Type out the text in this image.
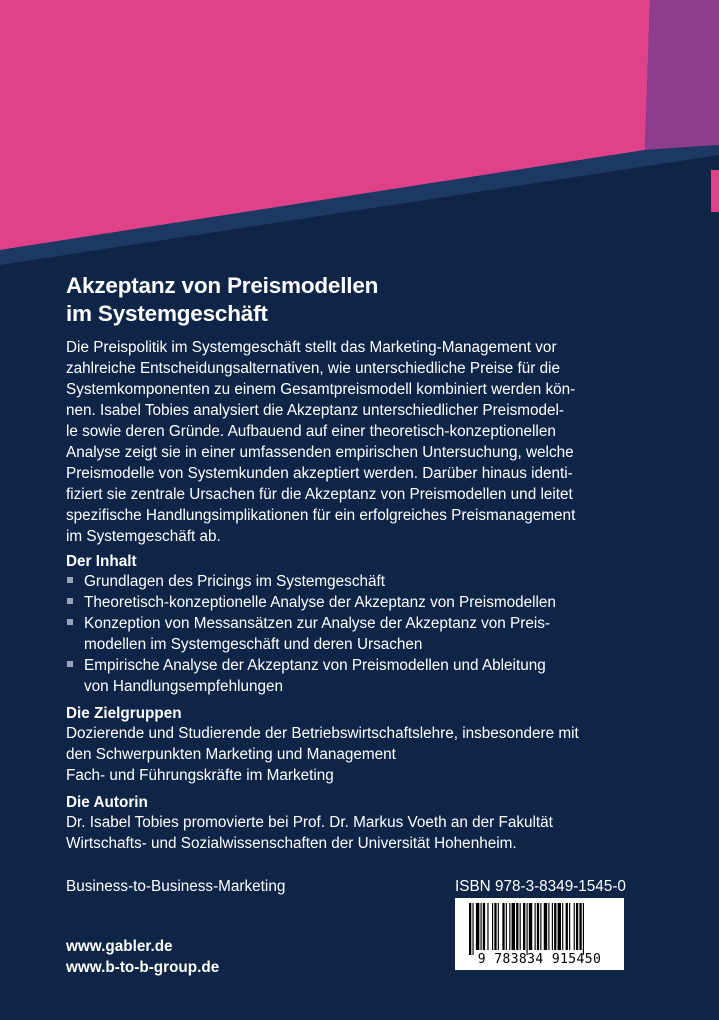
Akzeptanz von Preismodellen
im Systemgeschäft
Die Preispolitik im Systemgeschäft stellt das Marketing-Management vor
zahlreiche Entscheidungsalternativen, wie unterschiedliche Preise für die
Systemkomponenten zu einem Gesamtpreismodell kombiniert werden kön-
nen. Isabel Tobies analysiert die Akzeptanz unterschiedlicher Preismodel-
le sowie deren Gründe. Aufbauend auf einer theoretisch-konzeptionellen
Analyse zeigt sie in einer umfassenden empirischen Untersuchung, welche
Preismodelle von Systemkunden akzeptiert werden. Darüber hinaus identi-
fiziert sie zentrale Ursachen für die Akzeptanz von Preismodellen und leitet
spezifische Handlungsimplikationen für ein erfolgreiches Preismanagement
im Systemgeschäft ab.
Der Inhalt
Grundlagen des Pricings im Systemgeschäft
Theoretisch-konzeptionelle Analyse der Akzeptanz von Preismodellen
Konzeption von Messansätzen zur Analyse der Akzeptanz von Preis-
modellen im Systemgeschäft und deren Ursachen
Empirische Analyse der Akzeptanz von Preismodellen und Ableitung
von Handlungsempfehlungen
Die Zielgruppen
Dozierende und Studierende der Betriebswirtschaftslehre, insbesondere mit
den Schwerpunkten Marketing und Management
Fach- und Führungskräfte im Marketing
Die Autorin
Dr. Isabel Tobies promovierte bei Prof. Dr. Markus Voeth an der Fakultät
Wirtschafts- und Sozialwissenschaften der Universität Hohenheim.
Business-to-Business-Marketing	ISBN 978-3-8349-1545-0
9 783834 915450
www.gabler.de
www.b-to-b-group.de
